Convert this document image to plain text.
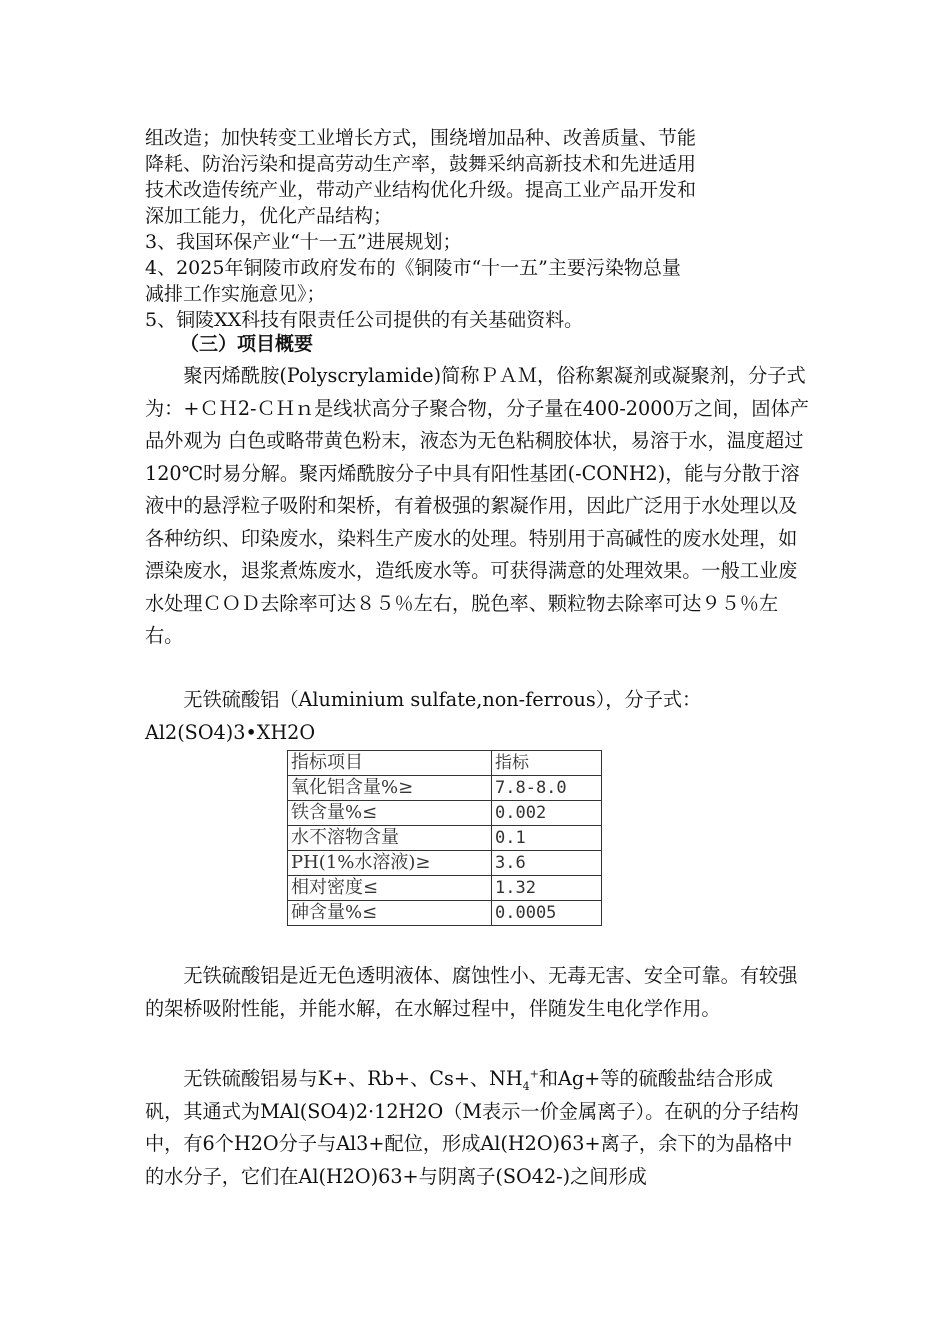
组改造；加快转变工业增长方式，围绕增加品种、改善质量、节能
降耗、防治污染和提高劳动生产率，鼓舞采纳高新技术和先进适用
技术改造传统产业，带动产业结构优化升级。提高工业产品开发和
深加工能力，优化产品结构；
3、我国环保产业“十一五”进展规划；
4、2025年铜陵市政府发布的《铜陵市“十一五”主要污染物总量
减排工作实施意见》；
5、铜陵XX科技有限责任公司提供的有关基础资料。
（三）项目概要
聚丙烯酰胺(Polyscrylamide)简称ＰＡＭ，俗称絮凝剂或凝聚剂，分子式为：+ＣＨ2-ＣＨｎ是线状高分子聚合物，分子量在400-2000万之间，固体产品外观为 白色或略带黄色粉末，液态为无色粘稠胶体状，易溶于水，温度超过120℃时易分解。聚丙烯酰胺分子中具有阳性基团(-CONH2)，能与分散于溶液中的悬浮粒子吸附和架桥，有着极强的絮凝作用，因此广泛用于水处理以及各种纺织、印染废水，染料生产废水的处理。特别用于高碱性的废水处理，如漂染废水，退浆煮炼废水，造纸废水等。可获得满意的处理效果。一般工业废水处理ＣＯＤ去除率可达８５％左右，脱色率、颗粒物去除率可达９５％左右。
无铁硫酸铝（Aluminium sulfate,non-ferrous），分子式：Al2(SO4)3•XH2O
指标项目	指标
氧化铝含量%≥	7.8-8.0
铁含量%≤	0.002
水不溶物含量	0.1
PH(1%水溶液)≥	3.6
相对密度≤	1.32
砷含量%≤	0.0005
无铁硫酸铝是近无色透明液体、腐蚀性小、无毒无害、安全可靠。有较强的架桥吸附性能，并能水解，在水解过程中，伴随发生电化学作用。
无铁硫酸铝易与K+、Rb+、Cs+、$NH_4^+$和Ag+等的硫酸盐结合形成矾，其通式为MAl(SO4)2·12H2O（M表示一价金属离子）。在矾的分子结构中，有6个H2O分子与Al3+配位，形成Al(H2O)63+离子，余下的为晶格中的水分子，它们在Al(H2O)63+与阴离子(SO42-)之间形成
